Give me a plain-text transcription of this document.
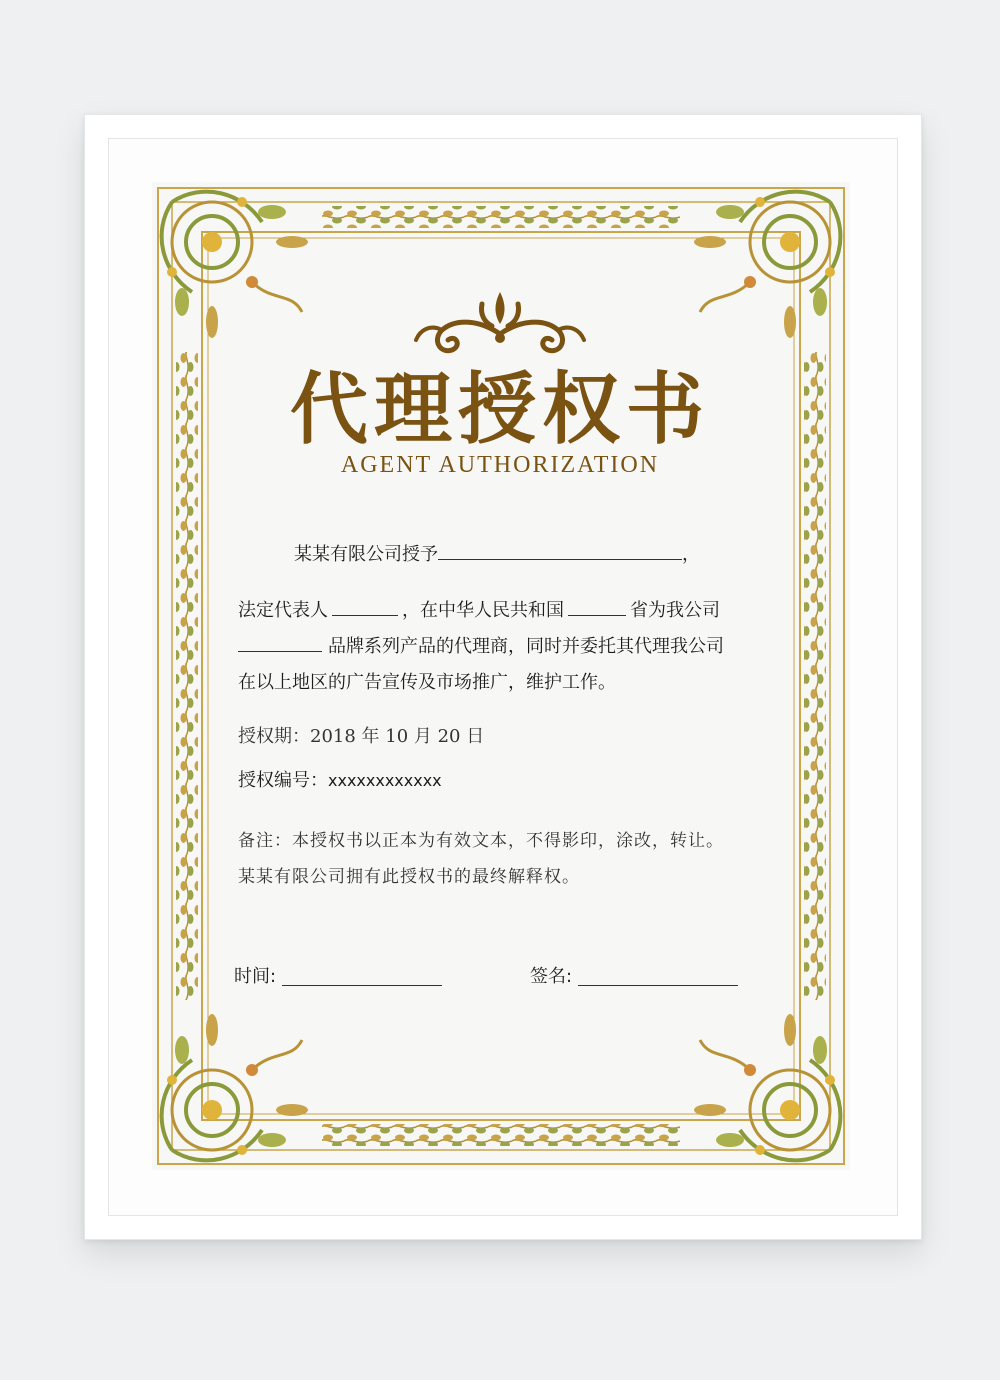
代理授权书
AGENT AUTHORIZATION
某某有限公司授予	，
法定代表人	，在中华人民共和国	省为我公司
品牌系列产品的代理商，同时并委托其代理我公司
在以上地区的广告宣传及市场推广，维护工作。
授权期：2018 年 10 月 20 日
授权编号：xxxxxxxxxxxx
备注：本授权书以正本为有效文本，不得影印，涂改，转让。
某某有限公司拥有此授权书的最终解释权。
时间:	签名:
